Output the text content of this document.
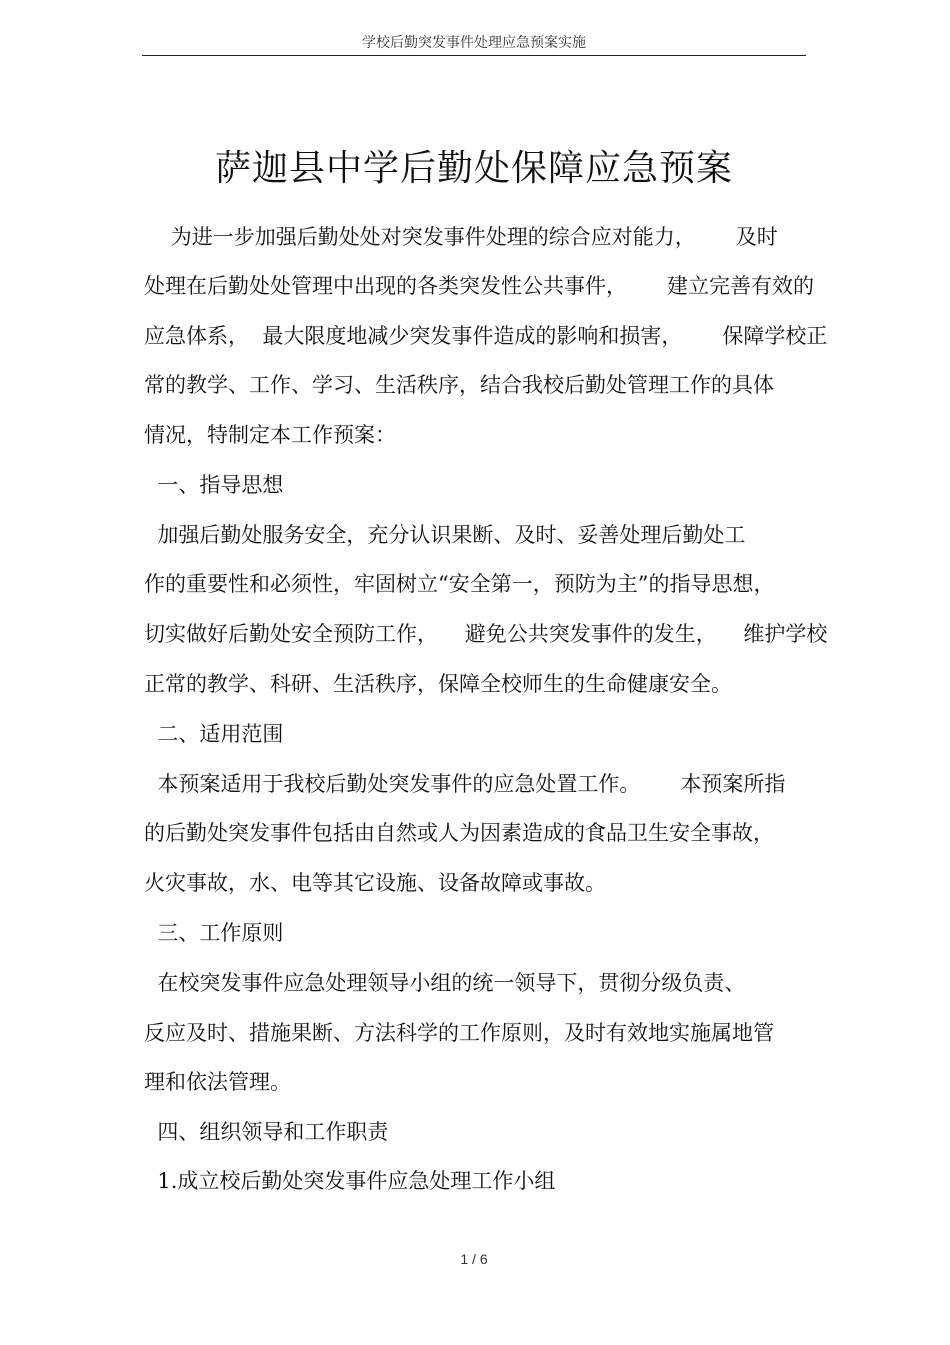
学校后勤突发事件处理应急预案实施
萨迦县中学后勤处保障应急预案
为进一步加强后勤处处对突发事件处理的综合应对能力，      及时
处理在后勤处处管理中出现的各类突发性公共事件，      建立完善有效的
应急体系，  最大限度地减少突发事件造成的影响和损害，      保障学校正
常的教学、工作、学习、生活秩序，结合我校后勤处管理工作的具体
情况，特制定本工作预案：
一、指导思想
加强后勤处服务安全，充分认识果断、及时、妥善处理后勤处工
作的重要性和必须性，牢固树立“安全第一，预防为主”的指导思想，
切实做好后勤处安全预防工作，    避免公共突发事件的发生，    维护学校
正常的教学、科研、生活秩序，保障全校师生的生命健康安全。
二、适用范围
本预案适用于我校后勤处突发事件的应急处置工作。      本预案所指
的后勤处突发事件包括由自然或人为因素造成的食品卫生安全事故，
火灾事故，水、电等其它设施、设备故障或事故。
三、工作原则
在校突发事件应急处理领导小组的统一领导下，贯彻分级负责、
反应及时、措施果断、方法科学的工作原则，及时有效地实施属地管
理和依法管理。
四、组织领导和工作职责
1.成立校后勤处突发事件应急处理工作小组
1 / 6
